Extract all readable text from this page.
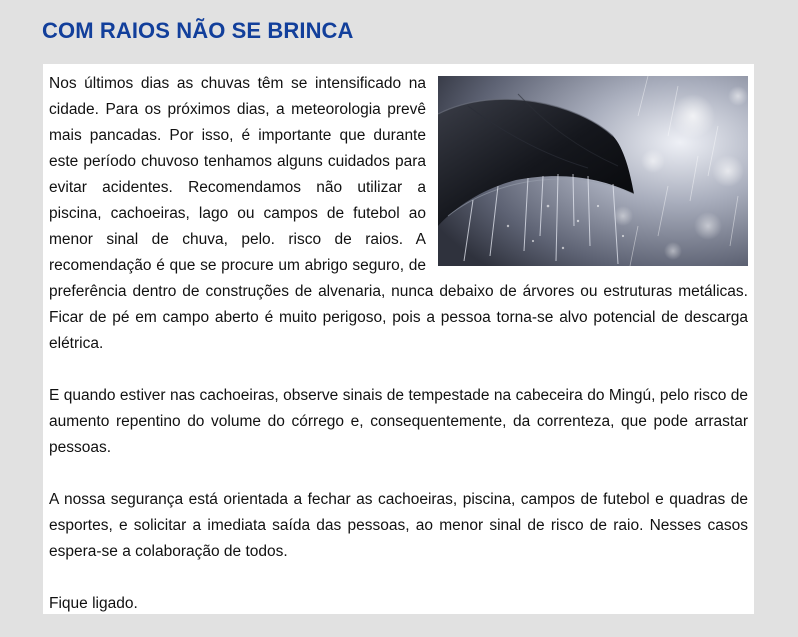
COM RAIOS NÃO SE BRINCA

Nos últimos dias as chuvas têm se intensificado na cidade. Para os próximos dias, a meteorologia prevê mais pancadas. Por isso, é importante que durante este período chuvoso tenhamos alguns cuidados para evitar acidentes. Recomendamos não utilizar a piscina, cachoeiras, lago ou campos de futebol ao menor sinal de chuva, pelo. risco de raios. A recomendação é que se procure um abrigo seguro, de preferência dentro de construções de alvenaria, nunca debaixo de árvores ou estruturas metálicas. Ficar de pé em campo aberto é muito perigoso, pois a pessoa torna-se alvo potencial de descarga elétrica.

E quando estiver nas cachoeiras, observe sinais de tempestade na cabeceira do Mingú, pelo risco de aumento repentino do volume do córrego e, consequentemente, da correnteza, que pode arrastar pessoas.

A nossa segurança está orientada a fechar as cachoeiras, piscina, campos de futebol e quadras de esportes, e solicitar a imediata saída das pessoas, ao menor sinal de risco de raio. Nesses casos espera-se a colaboração de todos.

Fique ligado.
